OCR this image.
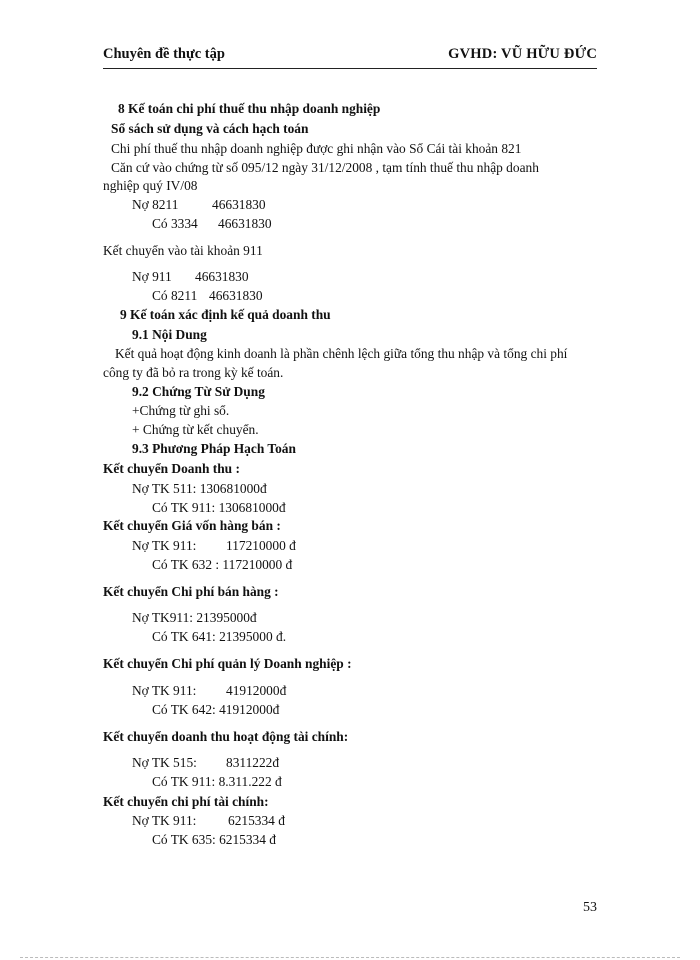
Chuyên đề thực tập	GVHD: VŨ HỮU ĐỨC
8 Kế toán chi phí thuế thu nhập doanh nghiệp
Sổ sách sử dụng và cách hạch toán
Chi phí thuế thu nhập doanh nghiệp được ghi nhận vào Sổ Cái tài khoản 821
Căn cứ vào chứng từ số 095/12 ngày 31/12/2008 , tạm tính thuế thu nhập doanh
nghiệp quý IV/08
Nợ 8211	46631830
Có 3334 46631830
Kết chuyển vào tài khoản 911
Nợ 911 46631830
Có 8211 46631830
9 Kế toán xác định kế quả doanh thu
9.1 Nội Dung
Kết quả hoạt động kinh doanh là phần chênh lệch giữa tổng thu nhập và tổng chi phí
công ty đã bỏ ra trong kỳ kế toán.
9.2 Chứng Từ Sử Dụng
+Chứng từ ghi sổ.
+ Chứng từ kết chuyển.
9.3 Phương Pháp Hạch Toán
Kết chuyển Doanh thu :
Nợ TK 511: 130681000đ
Có TK 911: 130681000đ
Kết chuyển Giá vốn hàng bán :
Nợ TK 911: 117210000 đ
Có TK 632 : 117210000 đ
Kết chuyển Chi phí bán hàng :
Nợ TK911: 21395000đ
Có TK 641: 21395000 đ.
Kết chuyển Chi phí quản lý Doanh nghiệp :
Nợ TK 911: 41912000đ
Có TK 642: 41912000đ
Kết chuyển doanh thu hoạt động tài chính:
Nợ TK 515: 8311222đ
Có TK 911: 8.311.222 đ
Kết chuyển chi phí tài chính:
Nợ TK 911: 6215334 đ
Có TK 635: 6215334 đ
53
